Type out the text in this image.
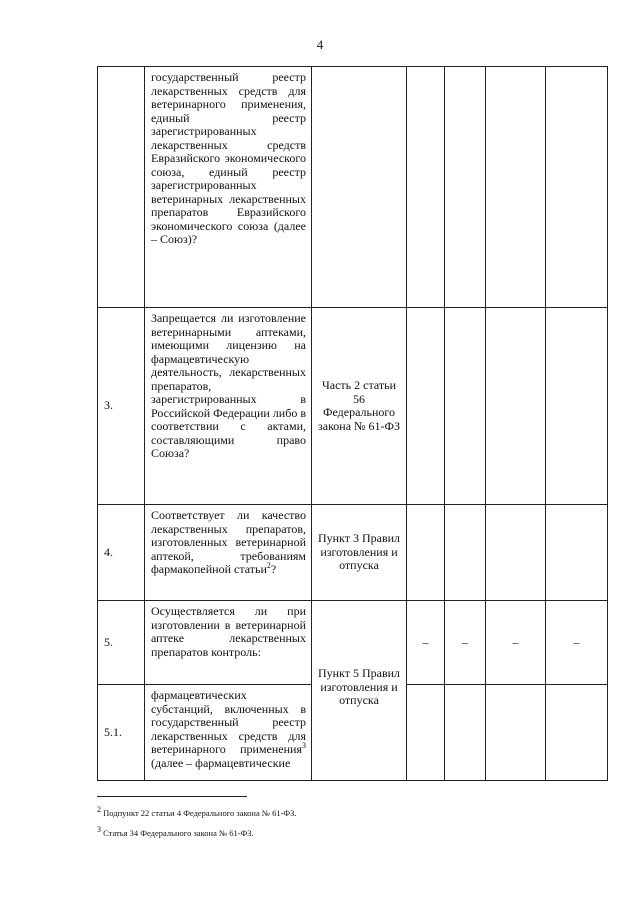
4

	государственный реестр лекарственных средств для ветеринарного применения, единый реестр зарегистрированных лекарственных средств Евразийского экономического союза, единый реестр зарегистрированных ветеринарных лекарственных препаратов Евразийского экономического союза (далее – Союз)?					

3.	Запрещается ли изготовление ветеринарными аптеками, имеющими лицензию на фармацевтическую деятельность, лекарственных препаратов, зарегистрированных в Российской Федерации либо в соответствии с актами, составляющими право Союза?	Часть 2 статьи 56 Федерального закона № 61-ФЗ				
4.	Соответствует ли качество лекарственных препаратов, изготовленных ветеринарной аптекой, требованиям фармакопейной статьи$^2$?	Пункт 3 Правил изготовления и отпуска				
5.	Осуществляется ли при изготовлении в ветеринарной аптеке лекарственных препаратов контроль:	Пункт 5 Правил изготовления и отпуска	–	–	–	–
5.1.	фармацевтических субстанций, включенных в государственный реестр лекарственных средств для ветеринарного применения$^3$ (далее – фармацевтические					

$^2$ Подпункт 22 статьи 4 Федерального закона № 61-ФЗ.
$^3$ Статья 34 Федерального закона № 61-ФЗ.
